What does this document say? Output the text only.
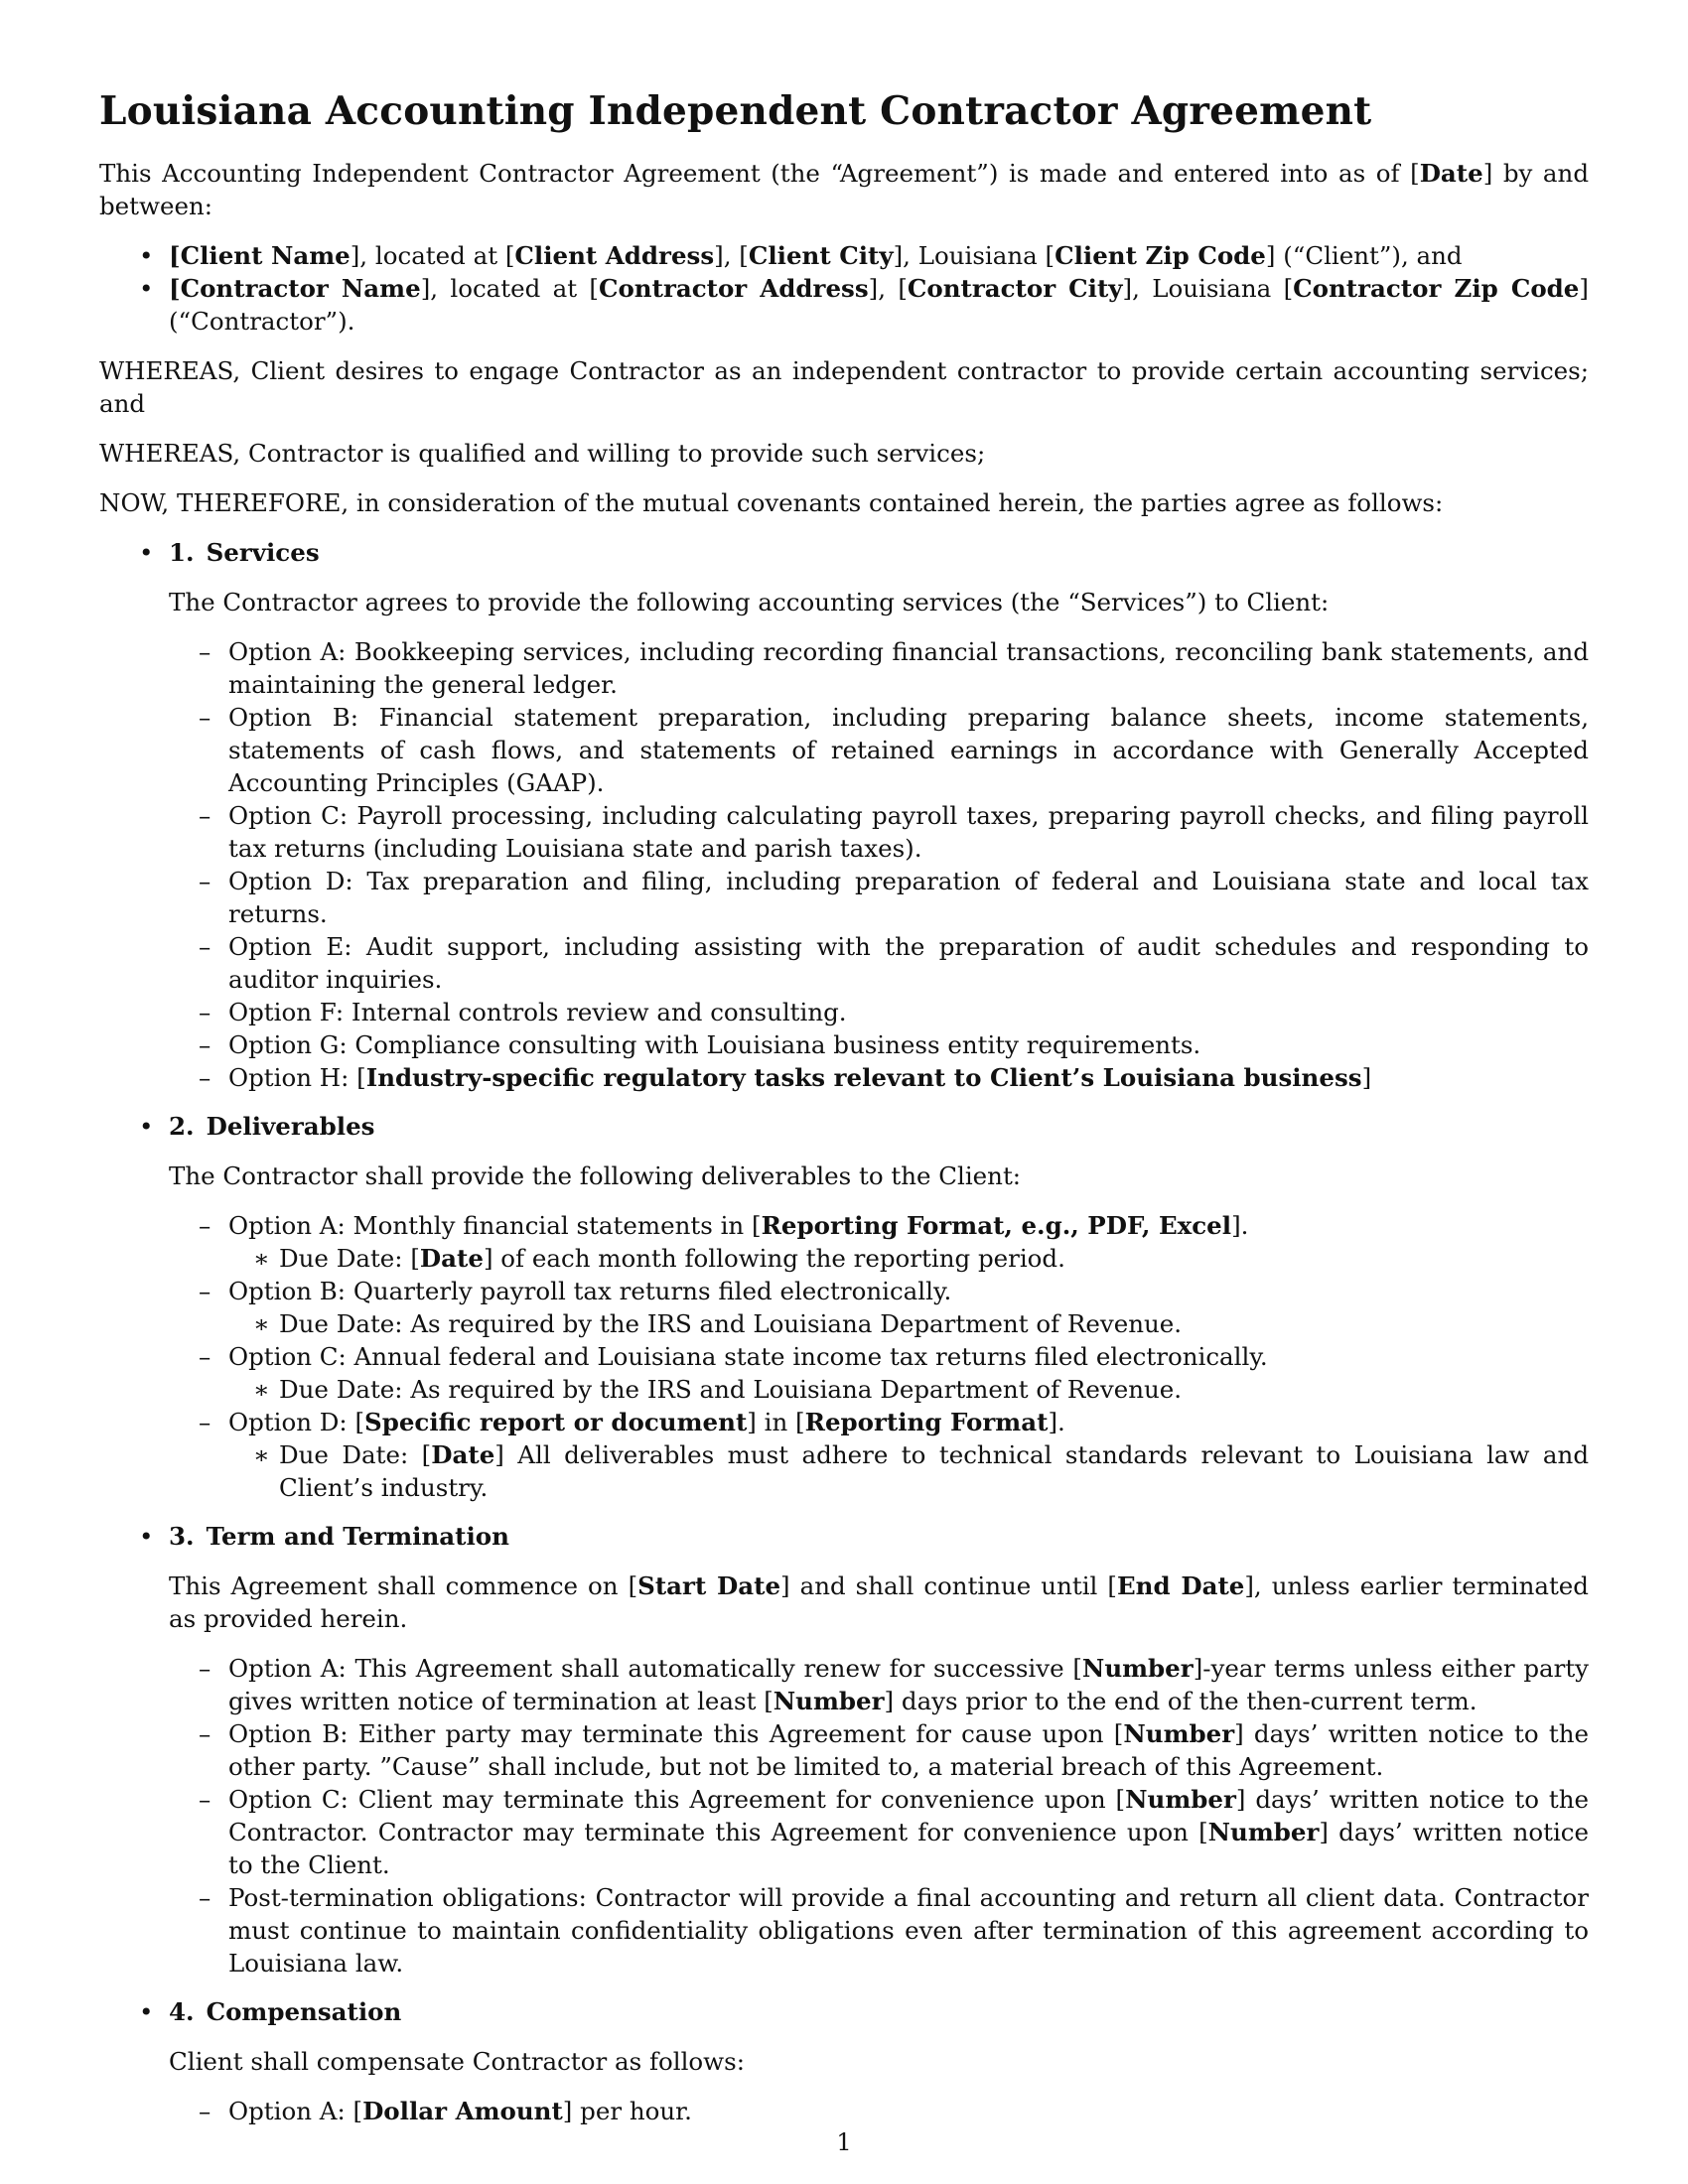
Louisiana Accounting Independent Contractor Agreement

This Accounting Independent Contractor Agreement (the “Agreement”) is made and entered into as of [Date] by and between:

• [Client Name], located at [Client Address], [Client City], Louisiana [Client Zip Code] (“Client”), and
• [Contractor Name], located at [Contractor Address], [Contractor City], Louisiana [Contractor Zip Code] (“Contractor”).

WHEREAS, Client desires to engage Contractor as an independent contractor to provide certain accounting services; and

WHEREAS, Contractor is qualified and willing to provide such services;

NOW, THEREFORE, in consideration of the mutual covenants contained herein, the parties agree as follows:

• 1. Services

The Contractor agrees to provide the following accounting services (the “Services”) to Client:

– Option A: Bookkeeping services, including recording financial transactions, reconciling bank statements, and maintaining the general ledger.
– Option B: Financial statement preparation, including preparing balance sheets, income statements, statements of cash flows, and statements of retained earnings in accordance with Generally Accepted Accounting Principles (GAAP).
– Option C: Payroll processing, including calculating payroll taxes, preparing payroll checks, and filing payroll tax returns (including Louisiana state and parish taxes).
– Option D: Tax preparation and filing, including preparation of federal and Louisiana state and local tax returns.
– Option E: Audit support, including assisting with the preparation of audit schedules and responding to auditor inquiries.
– Option F: Internal controls review and consulting.
– Option G: Compliance consulting with Louisiana business entity requirements.
– Option H: [Industry-specific regulatory tasks relevant to Client’s Louisiana business]
• 2. Deliverables

The Contractor shall provide the following deliverables to the Client:

– Option A: Monthly financial statements in [Reporting Format, e.g., PDF, Excel].
∗ Due Date: [Date] of each month following the reporting period.
– Option B: Quarterly payroll tax returns filed electronically.
∗ Due Date: As required by the IRS and Louisiana Department of Revenue.
– Option C: Annual federal and Louisiana state income tax returns filed electronically.
∗ Due Date: As required by the IRS and Louisiana Department of Revenue.
– Option D: [Specific report or document] in [Reporting Format].
∗ Due Date: [Date] All deliverables must adhere to technical standards relevant to Louisiana law and Client’s industry.
• 3. Term and Termination

This Agreement shall commence on [Start Date] and shall continue until [End Date], unless earlier terminated as provided herein.

– Option A: This Agreement shall automatically renew for successive [Number]-year terms unless either party gives written notice of termination at least [Number] days prior to the end of the then-current term.
– Option B: Either party may terminate this Agreement for cause upon [Number] days’ written notice to the other party. ”Cause” shall include, but not be limited to, a material breach of this Agreement.
– Option C: Client may terminate this Agreement for convenience upon [Number] days’ written notice to the Contractor. Contractor may terminate this Agreement for convenience upon [Number] days’ written notice to the Client.
– Post-termination obligations: Contractor will provide a final accounting and return all client data. Contractor must continue to maintain confidentiality obligations even after termination of this agreement according to Louisiana law.
• 4. Compensation

Client shall compensate Contractor as follows:

– Option A: [Dollar Amount] per hour.
1
